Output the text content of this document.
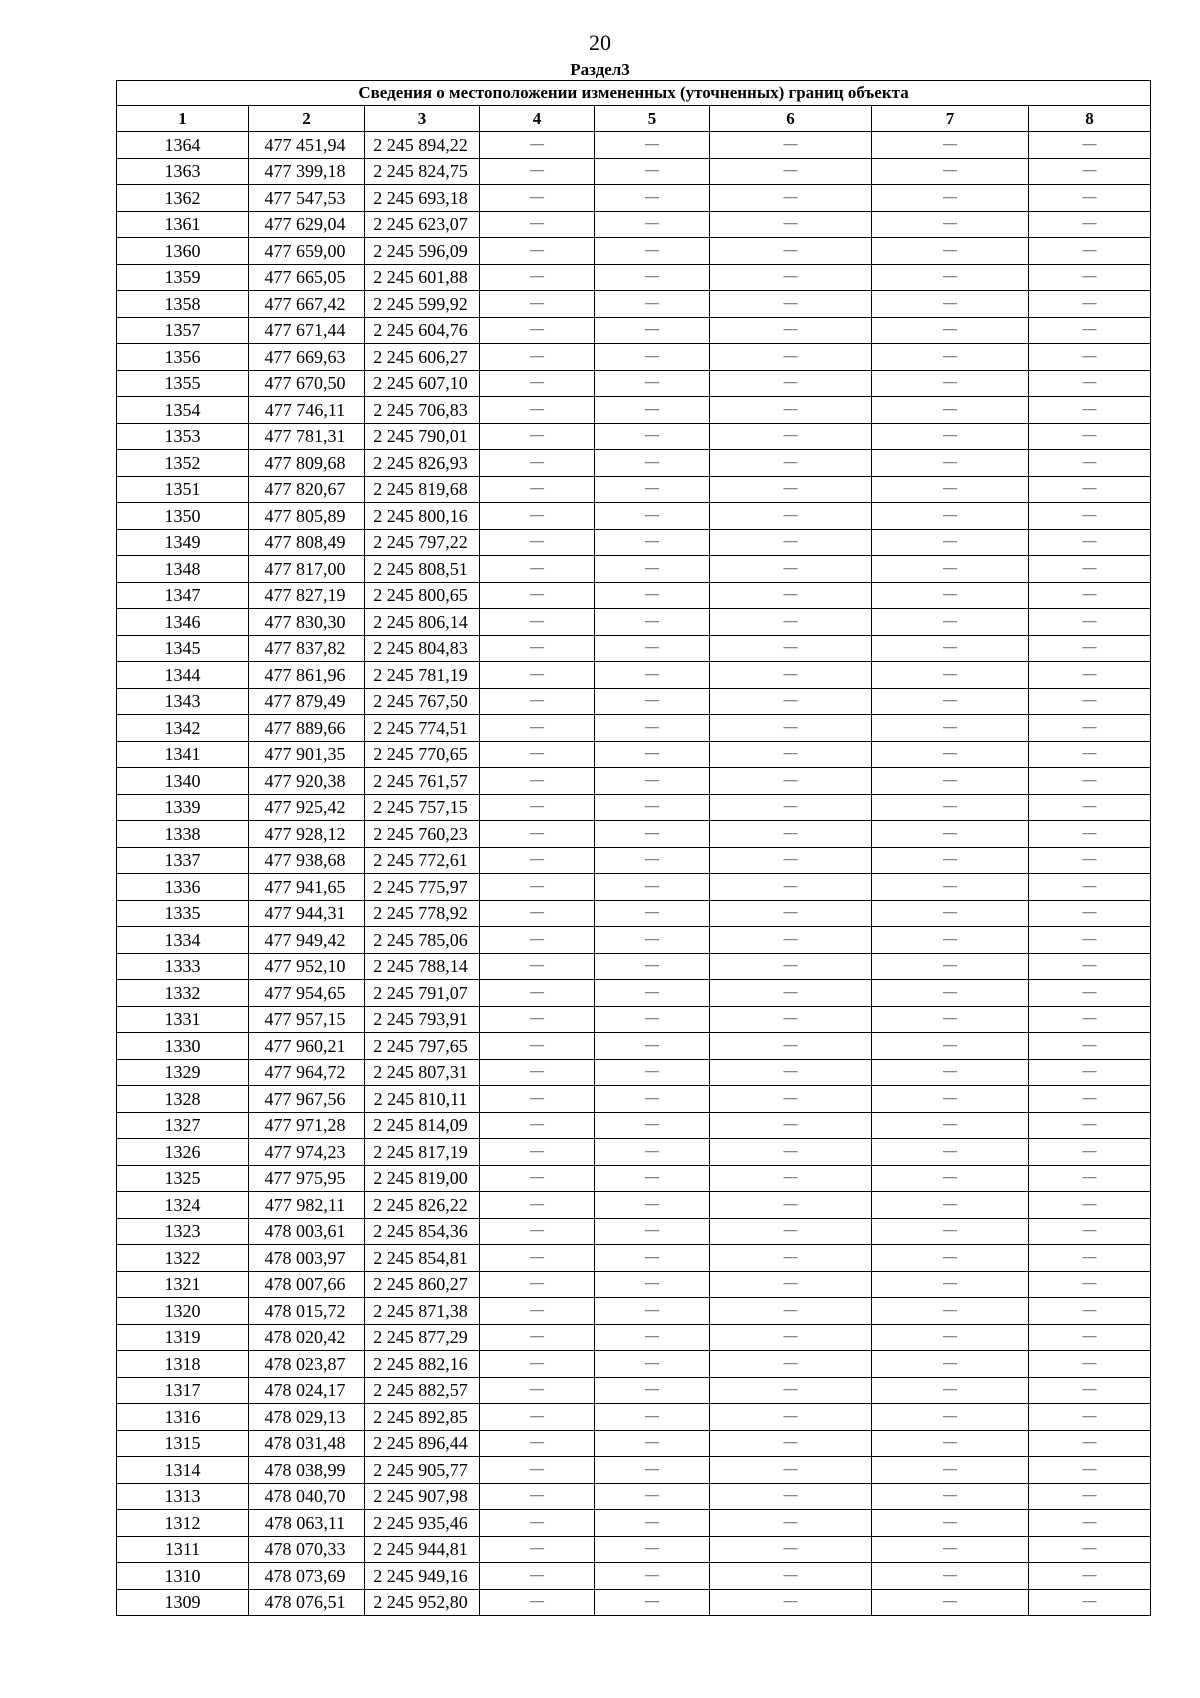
20
Раздел3
Сведения о местоположении измененных (уточненных) границ объекта							
1	2	3	4	5	6	7	8
1364	477 451,94	2 245 894,22	—	—	—	—	—
1363	477 399,18	2 245 824,75	—	—	—	—	—
1362	477 547,53	2 245 693,18	—	—	—	—	—
1361	477 629,04	2 245 623,07	—	—	—	—	—
1360	477 659,00	2 245 596,09	—	—	—	—	—
1359	477 665,05	2 245 601,88	—	—	—	—	—
1358	477 667,42	2 245 599,92	—	—	—	—	—
1357	477 671,44	2 245 604,76	—	—	—	—	—
1356	477 669,63	2 245 606,27	—	—	—	—	—
1355	477 670,50	2 245 607,10	—	—	—	—	—
1354	477 746,11	2 245 706,83	—	—	—	—	—
1353	477 781,31	2 245 790,01	—	—	—	—	—
1352	477 809,68	2 245 826,93	—	—	—	—	—
1351	477 820,67	2 245 819,68	—	—	—	—	—
1350	477 805,89	2 245 800,16	—	—	—	—	—
1349	477 808,49	2 245 797,22	—	—	—	—	—
1348	477 817,00	2 245 808,51	—	—	—	—	—
1347	477 827,19	2 245 800,65	—	—	—	—	—
1346	477 830,30	2 245 806,14	—	—	—	—	—
1345	477 837,82	2 245 804,83	—	—	—	—	—
1344	477 861,96	2 245 781,19	—	—	—	—	—
1343	477 879,49	2 245 767,50	—	—	—	—	—
1342	477 889,66	2 245 774,51	—	—	—	—	—
1341	477 901,35	2 245 770,65	—	—	—	—	—
1340	477 920,38	2 245 761,57	—	—	—	—	—
1339	477 925,42	2 245 757,15	—	—	—	—	—
1338	477 928,12	2 245 760,23	—	—	—	—	—
1337	477 938,68	2 245 772,61	—	—	—	—	—
1336	477 941,65	2 245 775,97	—	—	—	—	—
1335	477 944,31	2 245 778,92	—	—	—	—	—
1334	477 949,42	2 245 785,06	—	—	—	—	—
1333	477 952,10	2 245 788,14	—	—	—	—	—
1332	477 954,65	2 245 791,07	—	—	—	—	—
1331	477 957,15	2 245 793,91	—	—	—	—	—
1330	477 960,21	2 245 797,65	—	—	—	—	—
1329	477 964,72	2 245 807,31	—	—	—	—	—
1328	477 967,56	2 245 810,11	—	—	—	—	—
1327	477 971,28	2 245 814,09	—	—	—	—	—
1326	477 974,23	2 245 817,19	—	—	—	—	—
1325	477 975,95	2 245 819,00	—	—	—	—	—
1324	477 982,11	2 245 826,22	—	—	—	—	—
1323	478 003,61	2 245 854,36	—	—	—	—	—
1322	478 003,97	2 245 854,81	—	—	—	—	—
1321	478 007,66	2 245 860,27	—	—	—	—	—
1320	478 015,72	2 245 871,38	—	—	—	—	—
1319	478 020,42	2 245 877,29	—	—	—	—	—
1318	478 023,87	2 245 882,16	—	—	—	—	—
1317	478 024,17	2 245 882,57	—	—	—	—	—
1316	478 029,13	2 245 892,85	—	—	—	—	—
1315	478 031,48	2 245 896,44	—	—	—	—	—
1314	478 038,99	2 245 905,77	—	—	—	—	—
1313	478 040,70	2 245 907,98	—	—	—	—	—
1312	478 063,11	2 245 935,46	—	—	—	—	—
1311	478 070,33	2 245 944,81	—	—	—	—	—
1310	478 073,69	2 245 949,16	—	—	—	—	—
1309	478 076,51	2 245 952,80	—	—	—	—	—
